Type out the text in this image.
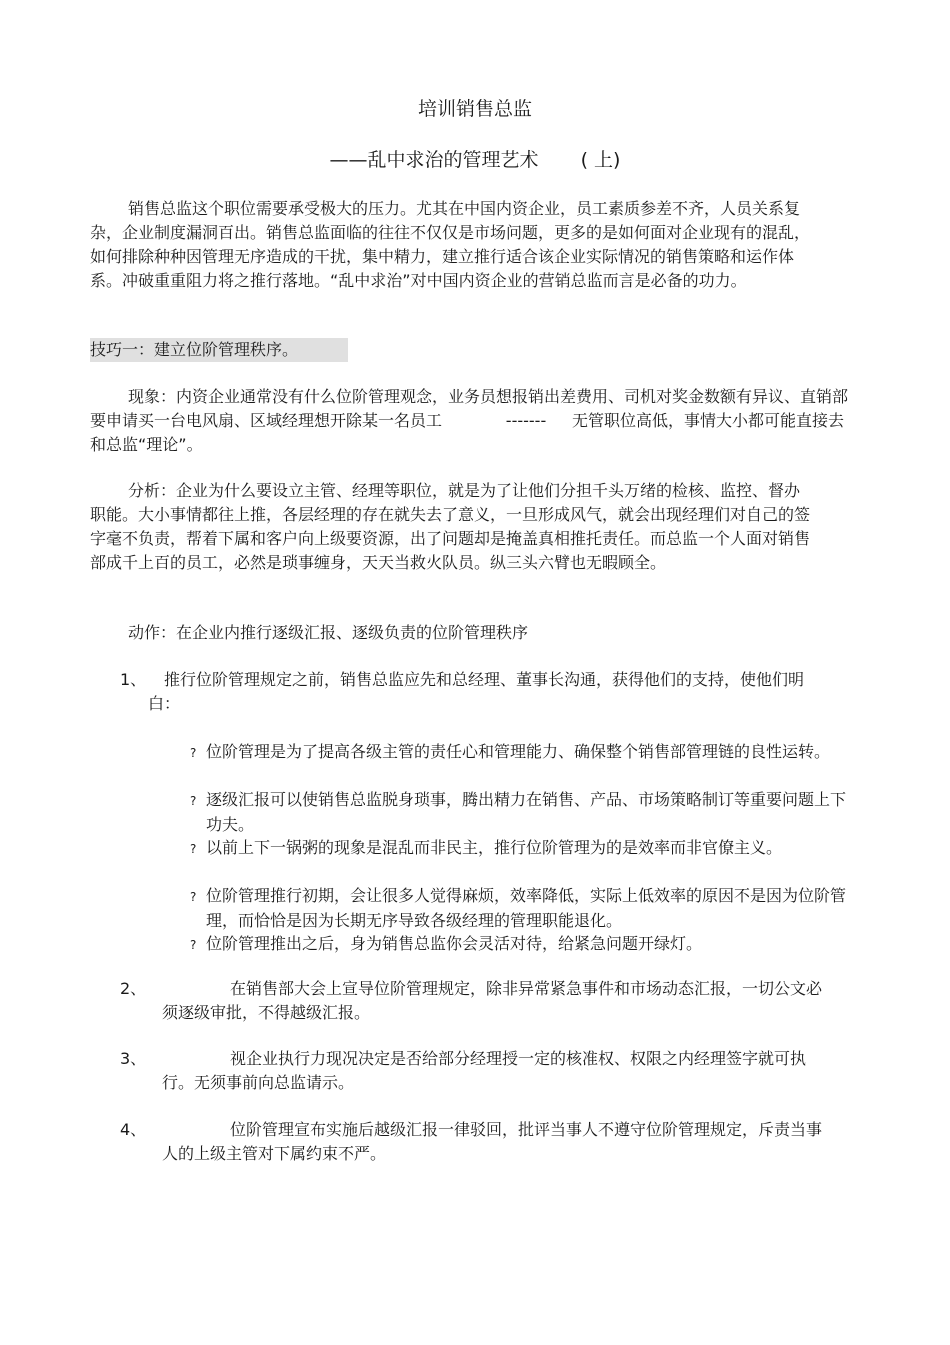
培训销售总监
——乱中求治的管理艺术 ( 上)
销售总监这个职位需要承受极大的压力。尤其在中国内资企业，员工素质参差不齐，人员关系复杂，企业制度漏洞百出。销售总监面临的往往不仅仅是市场问题，更多的是如何面对企业现有的混乱，如何排除种种因管理无序造成的干扰，集中精力，建立推行适合该企业实际情况的销售策略和运作体系。冲破重重阻力将之推行落地。“乱中求治”对中国内资企业的营销总监而言是必备的功力。
技巧一：建立位阶管理秩序。
现象：内资企业通常没有什么位阶管理观念，业务员想报销出差费用、司机对奖金数额有异议、直销部要申请买一台电风扇、区域经理想开除某一名员工	------- 无管职位高低，事情大小都可能直接去和总监“理论”。
分析：企业为什么要设立主管、经理等职位，就是为了让他们分担千头万绪的检核、监控、督办职能。大小事情都往上推，各层经理的存在就失去了意义，一旦形成风气，就会出现经理们对自己的签字毫不负责，帮着下属和客户向上级要资源，出了问题却是掩盖真相推托责任。而总监一个人面对销售部成千上百的员工，必然是琐事缠身，天天当救火队员。纵三头六臂也无暇顾全。
动作：在企业内推行逐级汇报、逐级负责的位阶管理秩序
1、	推行位阶管理规定之前，销售总监应先和总经理、董事长沟通，获得他们的支持，使他们明白：
? 位阶管理是为了提高各级主管的责任心和管理能力、确保整个销售部管理链的良性运转。
? 逐级汇报可以使销售总监脱身琐事，腾出精力在销售、产品、市场策略制订等重要问题上下功夫。
? 以前上下一锅粥的现象是混乱而非民主，推行位阶管理为的是效率而非官僚主义。
? 位阶管理推行初期，会让很多人觉得麻烦，效率降低，实际上低效率的原因不是因为位阶管理，而恰恰是因为长期无序导致各级经理的管理职能退化。
? 位阶管理推出之后，身为销售总监你会灵活对待，给紧急问题开绿灯。
2、	在销售部大会上宣导位阶管理规定，除非异常紧急事件和市场动态汇报，一切公文必须逐级审批，不得越级汇报。
3、	视企业执行力现况决定是否给部分经理授一定的核准权、权限之内经理签字就可执行。无须事前向总监请示。
4、	位阶管理宣布实施后越级汇报一律驳回，批评当事人不遵守位阶管理规定，斥责当事人的上级主管对下属约束不严。
